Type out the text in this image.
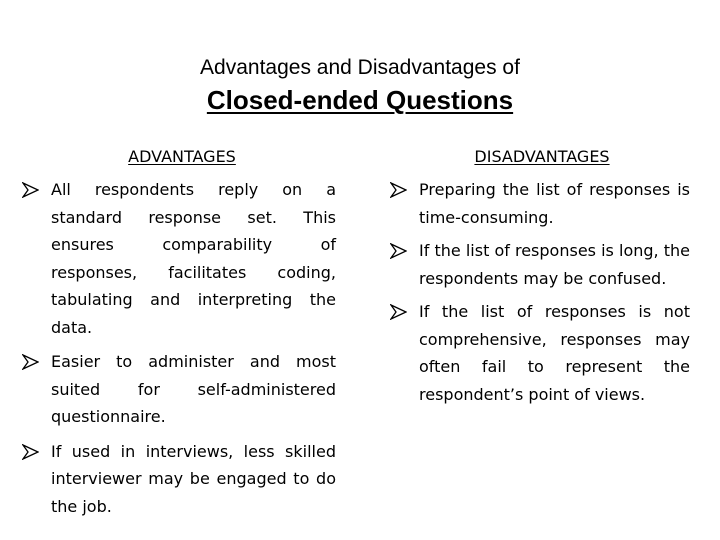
Advantages and Disadvantages of
Closed-ended Questions
ADVANTAGES	DISADVANTAGES
All respondents reply on a standard response set. This ensures comparability of responses, facilitates coding, tabulating and interpreting the data.
Easier to administer and most suited for self-administered questionnaire.
If used in interviews, less skilled interviewer may be engaged to do the job.
Preparing the list of responses is time-consuming.
If the list of responses is long, the respondents may be confused.
If the list of responses is not comprehensive, responses may often fail to represent the respondent’s point of views.
